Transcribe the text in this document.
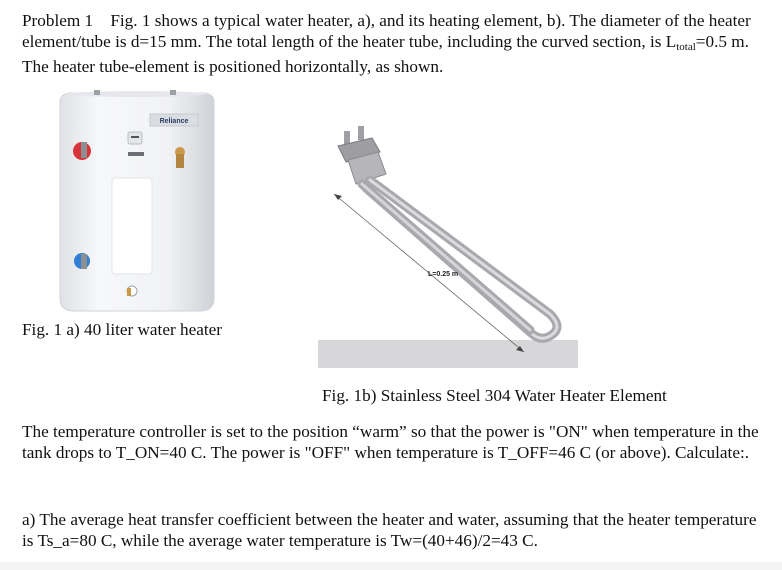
Problem 1 Fig. 1 shows a typical water heater, a), and its heating element, b). The diameter of the heater element/tube is d=15 mm. The total length of the heater tube, including the curved section, is $L_{total}=0.5$ m. The heater tube-element is positioned horizontally, as shown.

Reliance

Fig. 1 a) 40 liter water heater

L=0.25 m

Fig. 1b) Stainless Steel 304 Water Heater Element

The temperature controller is set to the position “warm” so that the power is "ON" when temperature in the tank drops to T_ON=40 C. The power is "OFF" when temperature is T_OFF=46 C (or above). Calculate:.

a) The average heat transfer coefficient between the heater and water, assuming that the heater temperature is Ts_a=80 C, while the average water temperature is Tw=(40+46)/2=43 C.
